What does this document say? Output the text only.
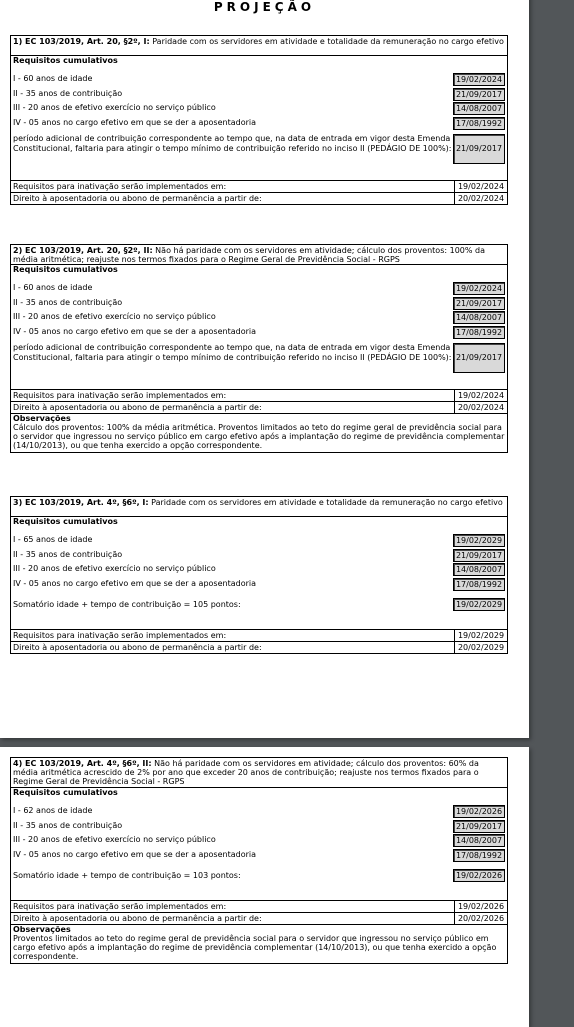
PROJEÇÃO
1) EC 103/2019, Art. 20, §2º, I: Paridade com os servidores em atividade e totalidade da remuneração no cargo efetivo
Requisitos cumulativos
I - 60 anos de idade	19/02/2024
II - 35 anos de contribuição	21/09/2017
III - 20 anos de efetivo exercício no serviço público	14/08/2007
IV - 05 anos no cargo efetivo em que se der a aposentadoria	17/08/1992
período adicional de contribuição correspondente ao tempo que, na data de entrada em vigor desta Emenda Constitucional, faltaria para atingir o tempo mínimo de contribuição referido no inciso II (PEDÁGIO DE 100%): 21/09/2017
Requisitos para inativação serão implementados em:	19/02/2024
Direito à aposentadoria ou abono de permanência a partir de:	20/02/2024
2) EC 103/2019, Art. 20, §2º, II: Não há paridade com os servidores em atividade; cálculo dos proventos: 100% da média aritmética; reajuste nos termos fixados para o Regime Geral de Previdência Social - RGPS
Requisitos cumulativos
I - 60 anos de idade	19/02/2024
II - 35 anos de contribuição	21/09/2017
III - 20 anos de efetivo exercício no serviço público	14/08/2007
IV - 05 anos no cargo efetivo em que se der a aposentadoria	17/08/1992
período adicional de contribuição correspondente ao tempo que, na data de entrada em vigor desta Emenda Constitucional, faltaria para atingir o tempo mínimo de contribuição referido no inciso II (PEDÁGIO DE 100%): 21/09/2017
Requisitos para inativação serão implementados em:	19/02/2024
Direito à aposentadoria ou abono de permanência a partir de:	20/02/2024
Observações
Cálculo dos proventos: 100% da média aritmética. Proventos limitados ao teto do regime geral de previdência social para o servidor que ingressou no serviço público em cargo efetivo após a implantação do regime de previdência complementar (14/10/2013), ou que tenha exercido a opção correspondente.
3) EC 103/2019, Art. 4º, §6º, I: Paridade com os servidores em atividade e totalidade da remuneração no cargo efetivo
Requisitos cumulativos
I - 65 anos de idade	19/02/2029
II - 35 anos de contribuição	21/09/2017
III - 20 anos de efetivo exercício no serviço público	14/08/2007
IV - 05 anos no cargo efetivo em que se der a aposentadoria	17/08/1992
Somatório idade + tempo de contribuição = 105 pontos:	19/02/2029
Requisitos para inativação serão implementados em:	19/02/2029
Direito à aposentadoria ou abono de permanência a partir de:	20/02/2029
4) EC 103/2019, Art. 4º, §6º, II: Não há paridade com os servidores em atividade; cálculo dos proventos: 60% da média aritmética acrescido de 2% por ano que exceder 20 anos de contribuição; reajuste nos termos fixados para o Regime Geral de Previdência Social - RGPS
Requisitos cumulativos
I - 62 anos de idade	19/02/2026
II - 35 anos de contribuição	21/09/2017
III - 20 anos de efetivo exercício no serviço público	14/08/2007
IV - 05 anos no cargo efetivo em que se der a aposentadoria	17/08/1992
Somatório idade + tempo de contribuição = 103 pontos:	19/02/2026
Requisitos para inativação serão implementados em:	19/02/2026
Direito à aposentadoria ou abono de permanência a partir de:	20/02/2026
Observações
Proventos limitados ao teto do regime geral de previdência social para o servidor que ingressou no serviço público em cargo efetivo após a implantação do regime de previdência complementar (14/10/2013), ou que tenha exercido a opção correspondente.
